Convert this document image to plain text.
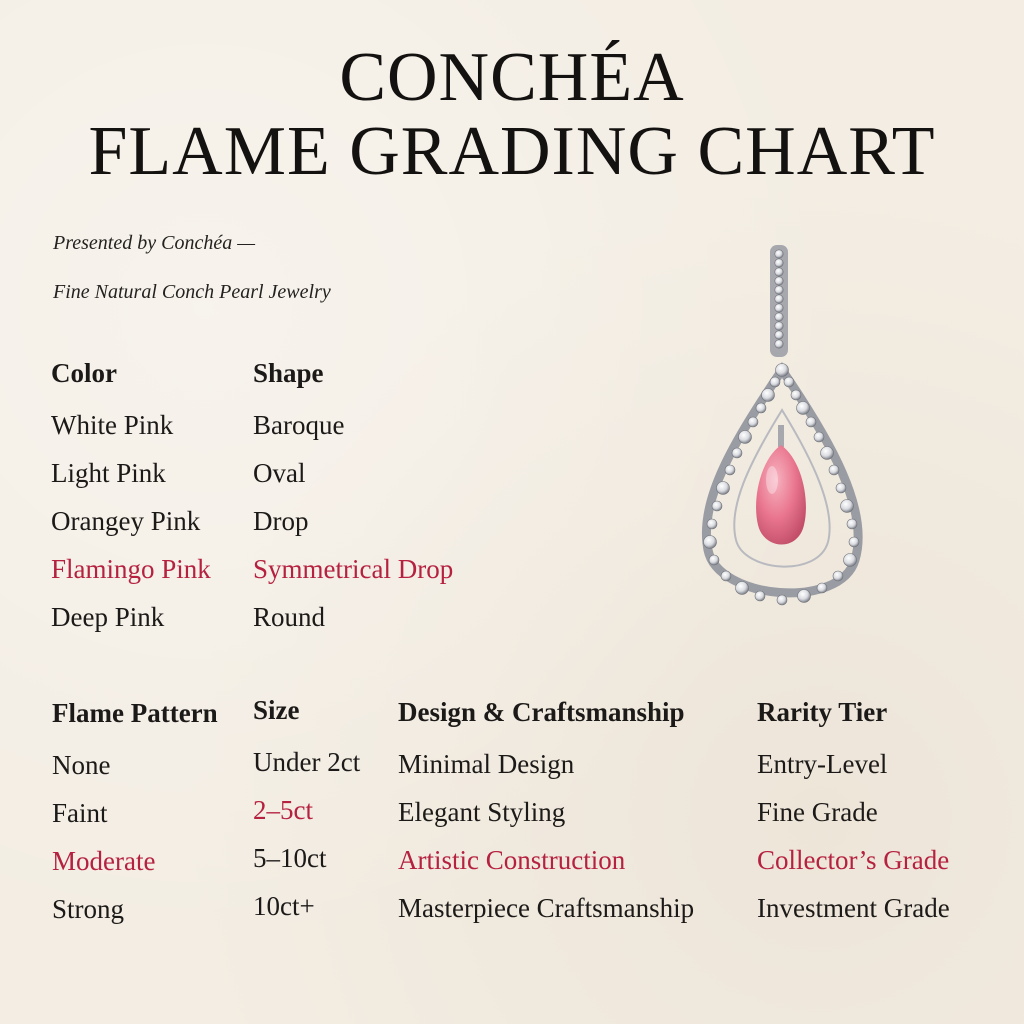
CONCHÉA
FLAME GRADING CHART
Presented by Conchéa —
Fine Natural Conch Pearl Jewelry
Color
White Pink
Light Pink
Orangey Pink
Flamingo Pink
Deep Pink
Shape
Baroque
Oval
Drop
Symmetrical Drop
Round
Flame Pattern
None
Faint
Moderate
Strong
Size
Under 2ct
2–5ct
5–10ct
10ct+
Design & Craftsmanship
Minimal Design
Elegant Styling
Artistic Construction
Masterpiece Craftsmanship
Rarity Tier
Entry-Level
Fine Grade
Collector’s Grade
Investment Grade
